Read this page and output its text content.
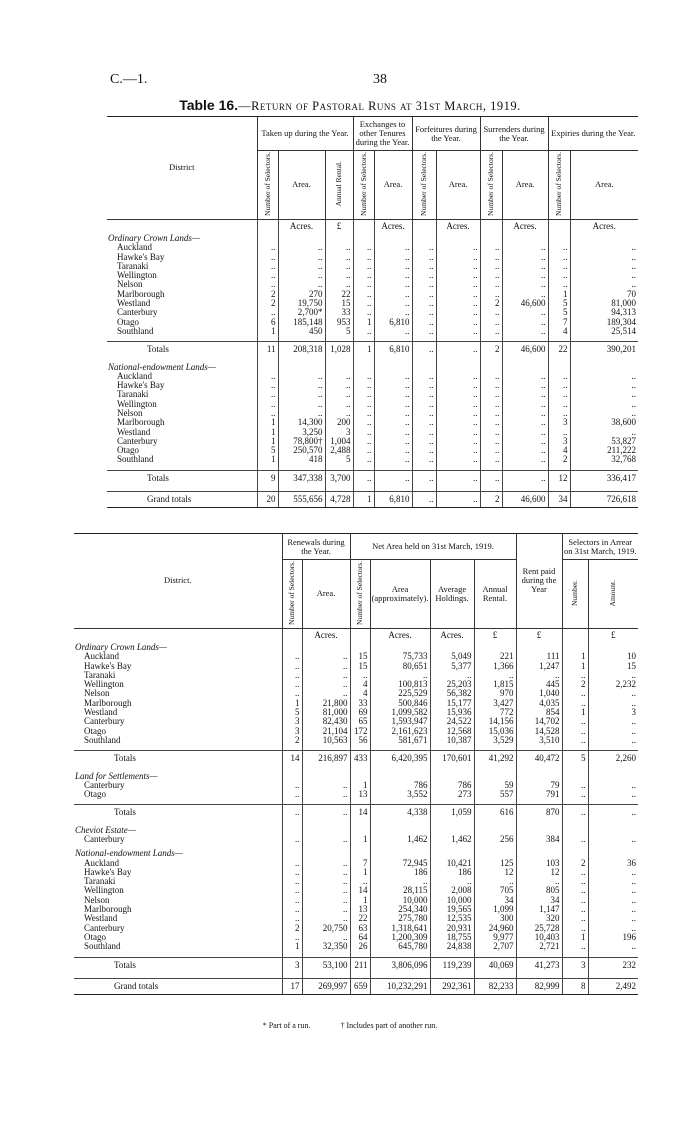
C.—1.	38
Table 16.—Return of Pastoral Runs at 31st March, 1919.
District	Taken up during the Year.			Exchanges to other Tenures during the Year.		Forfeitures during the Year.		Surrenders during the Year.		Expiries during the Year.	
	Number of Selectors.	Area.	Annual Rental.	Number of Selectors.	Area.	Number of Selectors.	Area.	Number of Selectors.	Area.	Number of Selectors.	Area.
		Acres.	£		Acres.		Acres.		Acres.		Acres.
Ordinary Crown Lands—											
Auckland	..	..	..	..	..	..	..	..	..	..	..
Hawke's Bay	..	..	..	..	..	..	..	..	..	..	..
Taranaki	..	..	..	..	..	..	..	..	..	..	..
Wellington	..	..	..	..	..	..	..	..	..	..	..
Nelson	..	..	..	..	..	..	..	..	..	..	..
Marlborough	2	270	22	..	..	..	..	..	..	1	70
Westland	2	19,750	15	..	..	..	..	2	46,600	5	81,000
Canterbury	..	2,700*	33	..	..	..	..	..	..	5	94,313
Otago	6	185,148	953	1	6,810	..	..	..	..	7	189,304
Southland	1	450	5	..	..	..	..	..	..	4	25,514

Totals	11	208,318	1,028	1	6,810	..	..	2	46,600	22	390,201

National-endowment Lands—											
Auckland	..	..	..	..	..	..	..	..	..	..	..
Hawke's Bay	..	..	..	..	..	..	..	..	..	..	..
Taranaki	..	..	..	..	..	..	..	..	..	..	..
Wellington	..	..	..	..	..	..	..	..	..	..	..
Nelson	..	..	..	..	..	..	..	..	..	..	..
Marlborough	1	14,300	200	..	..	..	..	..	..	3	38,600
Westland	1	3,250	3	..	..	..	..	..	..	..	..
Canterbury	1	78,800†	1,004	..	..	..	..	..	..	3	53,827
Otago	5	250,570	2,488	..	..	..	..	..	..	4	211,222
Southland	1	418	5	..	..	..	..	..	..	2	32,768

Totals	9	347,338	3,700	..	..	..	..	..	..	12	336,417

Grand totals	20	555,656	4,728	1	6,810	..	..	2	46,600	34	726,618
District.	Renewals during the Year.		Net Area held on 31st March, 1919.				Rent paid during the Year	Selectors in Arrear on 31st March, 1919.	
	Number of Selectors.	Area.	Number of Selectors.	Area (approximately).	Average Holdings.	Annual Rental.		Number.	Amount.
		Acres.		Acres.	Acres.	£	£		£
Ordinary Crown Lands—									
Auckland	..	..	15	75,733	5,049	221	111	1	10
Hawke's Bay	..	..	15	80,651	5,377	1,366	1,247	1	15
Taranaki	..	..	..	..	..	..	..	..	..
Wellington	..	..	4	100,813	25,203	1,815	445	2	2,232
Nelson	..	..	4	225,529	56,382	970	1,040	..	..
Marlborough	1	21,800	33	500,846	15,177	3,427	4,035	..	..
Westland	5	81,000	69	1,099,582	15,936	772	854	1	3
Canterbury	3	82,430	65	1,593,947	24,522	14,156	14,702	..	..
Otago	3	21,104	172	2,161,623	12,568	15,036	14,528	..	..
Southland	2	10,563	56	581,671	10,387	3,529	3,510	..	..

Totals	14	216,897	433	6,420,395	170,601	41,292	40,472	5	2,260

Land for Settlements—									
Canterbury	..	..	1	786	786	59	79	..	..
Otago	..	..	13	3,552	273	557	791	..	..

Totals	..	..	14	4,338	1,059	616	870	..	..

Cheviot Estate—									
Canterbury	..	..	1	1,462	1,462	256	384	..	..

National-endowment Lands—									
Auckland	..	..	7	72,945	10,421	125	103	2	36
Hawke's Bay	..	..	1	186	186	12	12	..	..
Taranaki	..	..	..	..	..	..	..	..	..
Wellington	..	..	14	28,115	2,008	705	805	..	..
Nelson	..	..	1	10,000	10,000	34	34	..	..
Marlborough	..	..	13	254,340	19,565	1,099	1,147	..	..
Westland	..	..	22	275,780	12,535	300	320	..	..
Canterbury	2	20,750	63	1,318,641	20,931	24,960	25,728	..	..
Otago	..	..	64	1,200,309	18,755	9,977	10,403	1	196
Southland	1	32,350	26	645,780	24,838	2,707	2,721	..	..

Totals	3	53,100	211	3,806,096	119,239	40,069	41,273	3	232

Grand totals	17	269,997	659	10,232,291	292,361	82,233	82,999	8	2,492
* Part of a run.	† Includes part of another run.
